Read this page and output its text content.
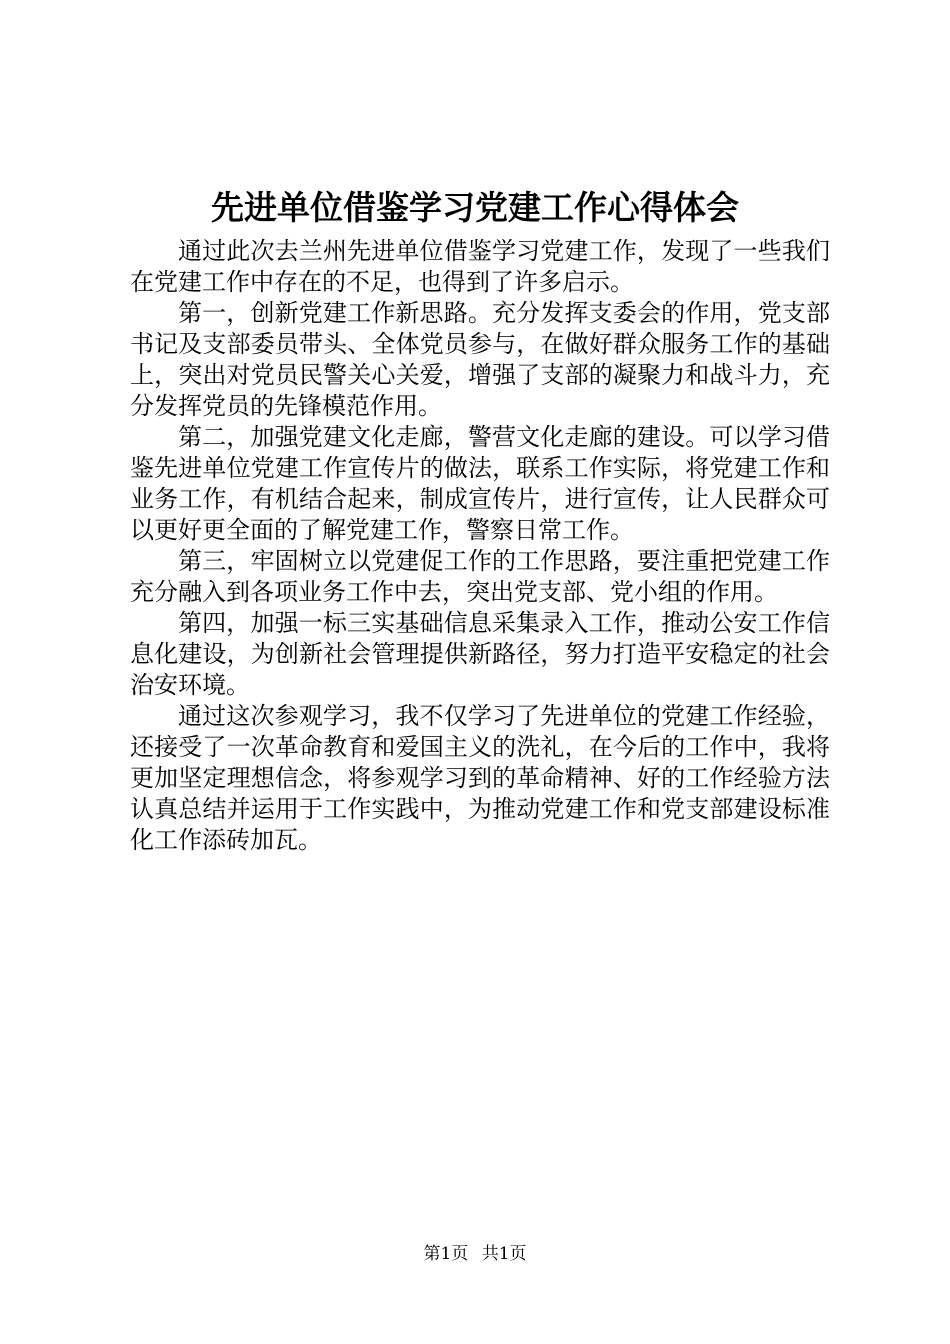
先进单位借鉴学习党建工作心得体会

通过此次去兰州先进单位借鉴学习党建工作，发现了一些我们在党建工作中存在的不足，也得到了许多启示。

第一，创新党建工作新思路。充分发挥支委会的作用，党支部书记及支部委员带头、全体党员参与，在做好群众服务工作的基础上，突出对党员民警关心关爱，增强了支部的凝聚力和战斗力，充分发挥党员的先锋模范作用。

第二，加强党建文化走廊，警营文化走廊的建设。可以学习借鉴先进单位党建工作宣传片的做法，联系工作实际，将党建工作和业务工作，有机结合起来，制成宣传片，进行宣传，让人民群众可以更好更全面的了解党建工作，警察日常工作。

第三，牢固树立以党建促工作的工作思路，要注重把党建工作充分融入到各项业务工作中去，突出党支部、党小组的作用。

第四，加强一标三实基础信息采集录入工作，推动公安工作信息化建设，为创新社会管理提供新路径，努力打造平安稳定的社会治安环境。

通过这次参观学习，我不仅学习了先进单位的党建工作经验，还接受了一次革命教育和爱国主义的洗礼，在今后的工作中，我将更加坚定理想信念，将参观学习到的革命精神、好的工作经验方法认真总结并运用于工作实践中，为推动党建工作和党支部建设标准化工作添砖加瓦。

第1页 共1页
